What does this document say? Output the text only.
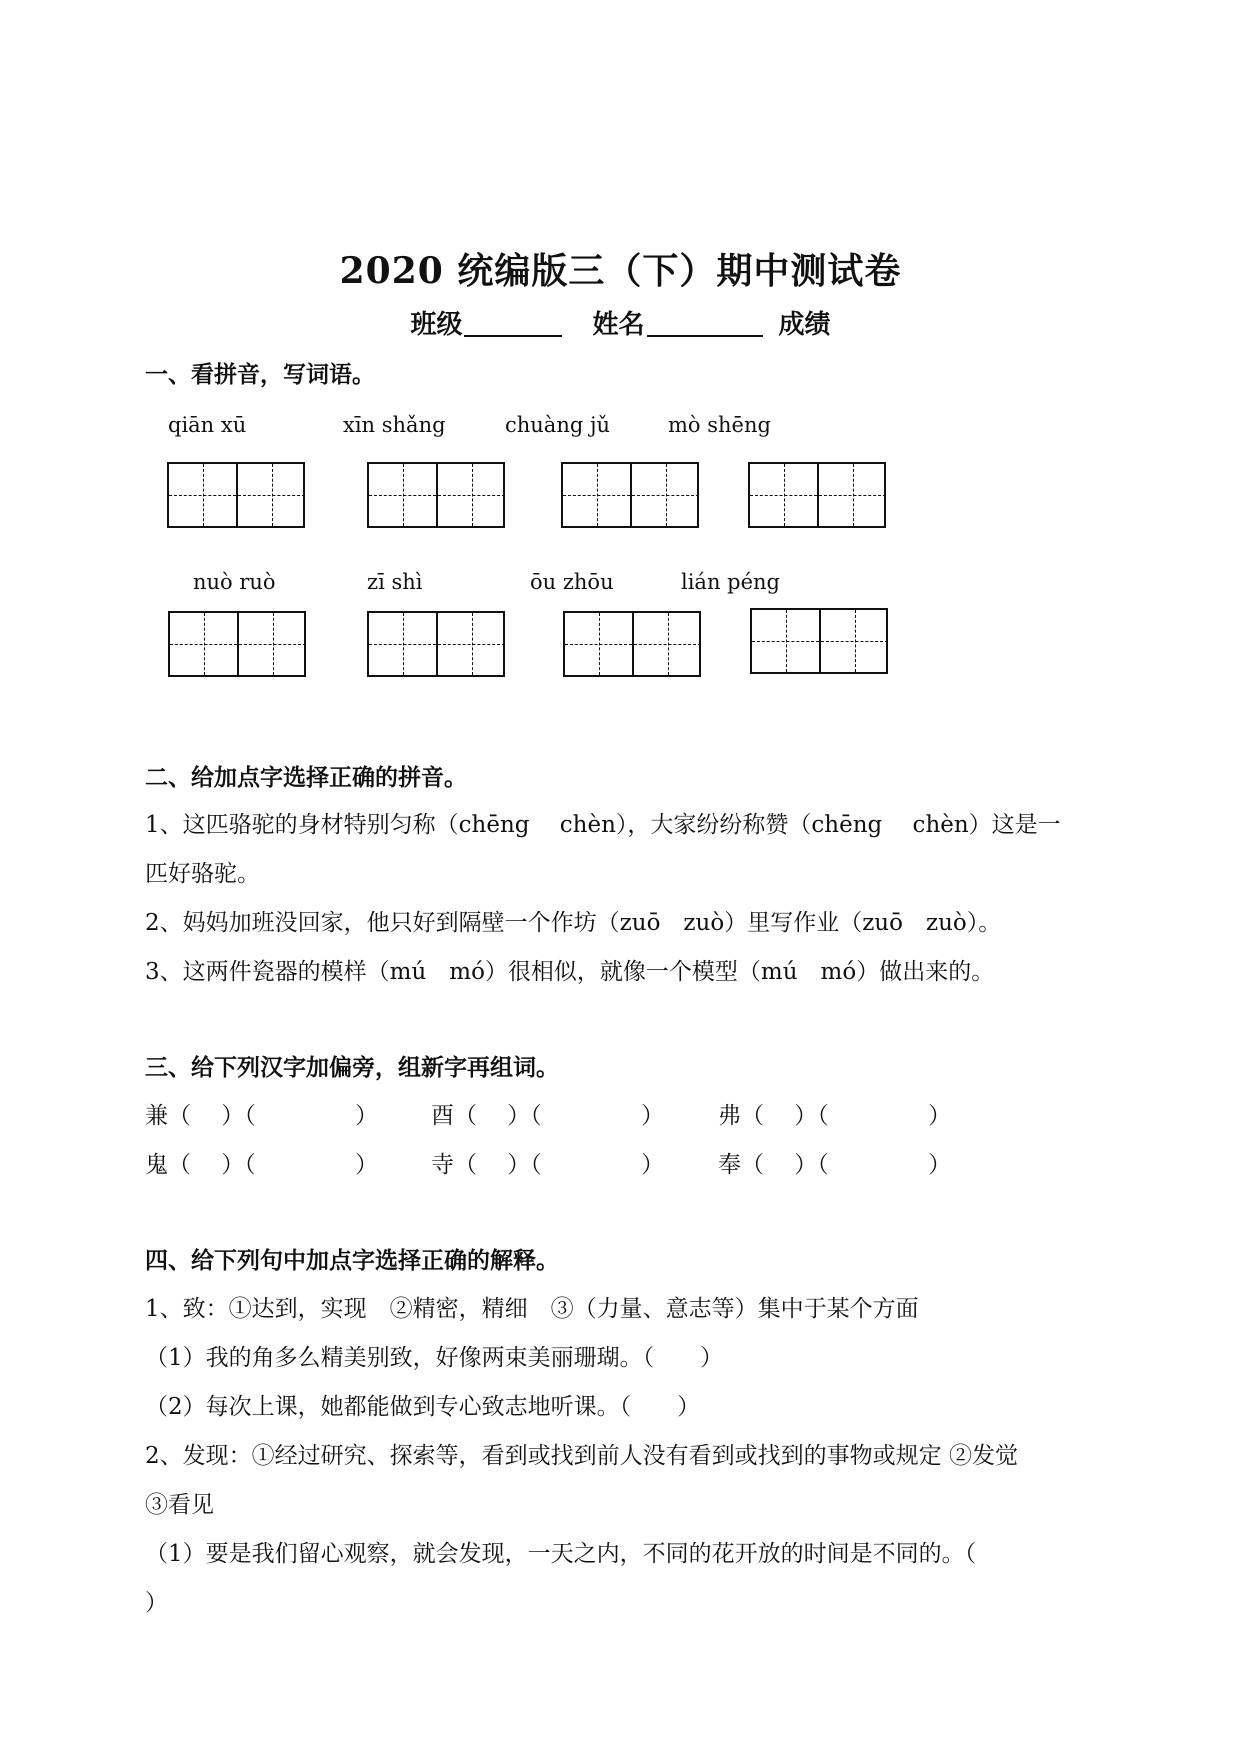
2020 统编版三（下）期中测试卷
班级	姓名	成绩
一、看拼音，写词语。
qiān xū	xīn shǎng	chuàng jǔ	mò shēng
nuò ruò	zī shì	ōu zhōu	lián péng
二、给加点字选择正确的拼音。
1、这匹骆驼的身材特别匀称（chēng　 chèn），大家纷纷称赞（chēng　 chèn）这是一
匹好骆驼。
2、妈妈加班没回家，他只好到隔壁一个作坊（zuō　zuò）里写作业（zuō　zuò）。
3、这两件瓷器的模样（mú　mó）很相似，就像一个模型（mú　mó）做出来的。
三、给下列汉字加偏旁，组新字再组词。
兼（　 ）（　　　　 ） 酉（　 ）（　　　　 ） 弗（　 ）（　　　　 ）
鬼（　 ）（　　　　 ） 寺（　 ）（　　　　 ） 奉（　 ）（　　　　 ）
四、给下列句中加点字选择正确的解释。
1、致：①达到，实现　②精密，精细　③（力量、意志等）集中于某个方面
（1）我的角多么精美别致，好像两束美丽珊瑚。（　　）
（2）每次上课，她都能做到专心致志地听课。（　　）
2、发现：①经过研究、探索等，看到或找到前人没有看到或找到的事物或规定 ②发觉
③看见
（1）要是我们留心观察，就会发现，一天之内，不同的花开放的时间是不同的。（
）
